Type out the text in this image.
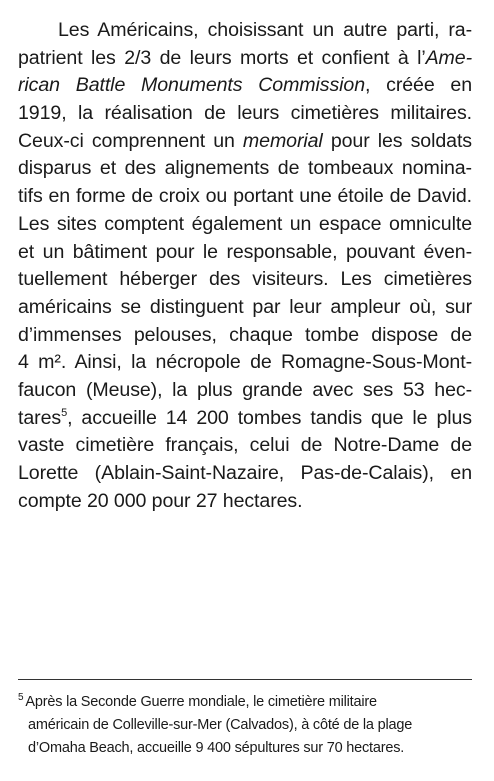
Les Américains, choisissant un autre parti, ra-
patrient les 2/3 de leurs morts et confient à l’Ame-
rican Battle Monuments Commission, créée en
1919, la réalisation de leurs cimetières militaires.
Ceux-ci comprennent un memorial pour les soldats
disparus et des alignements de tombeaux nomina-
tifs en forme de croix ou portant une étoile de David.
Les sites comptent également un espace omniculte
et un bâtiment pour le responsable, pouvant éven-
tuellement héberger des visiteurs. Les cimetières
américains se distinguent par leur ampleur où, sur
d’immenses pelouses, chaque tombe dispose de
4 m². Ainsi, la nécropole de Romagne-Sous-Mont-
faucon (Meuse), la plus grande avec ses 53 hec-
tares$^5$, accueille 14 200 tombes tandis que le plus
vaste cimetière français, celui de Notre-Dame de
Lorette (Ablain-Saint-Nazaire, Pas-de-Calais), en
compte 20 000 pour 27 hectares.
$^5$ Après la Seconde Guerre mondiale, le cimetière militaire
américain de Colleville-sur-Mer (Calvados), à côté de la plage
d’Omaha Beach, accueille 9 400 sépultures sur 70 hectares.
